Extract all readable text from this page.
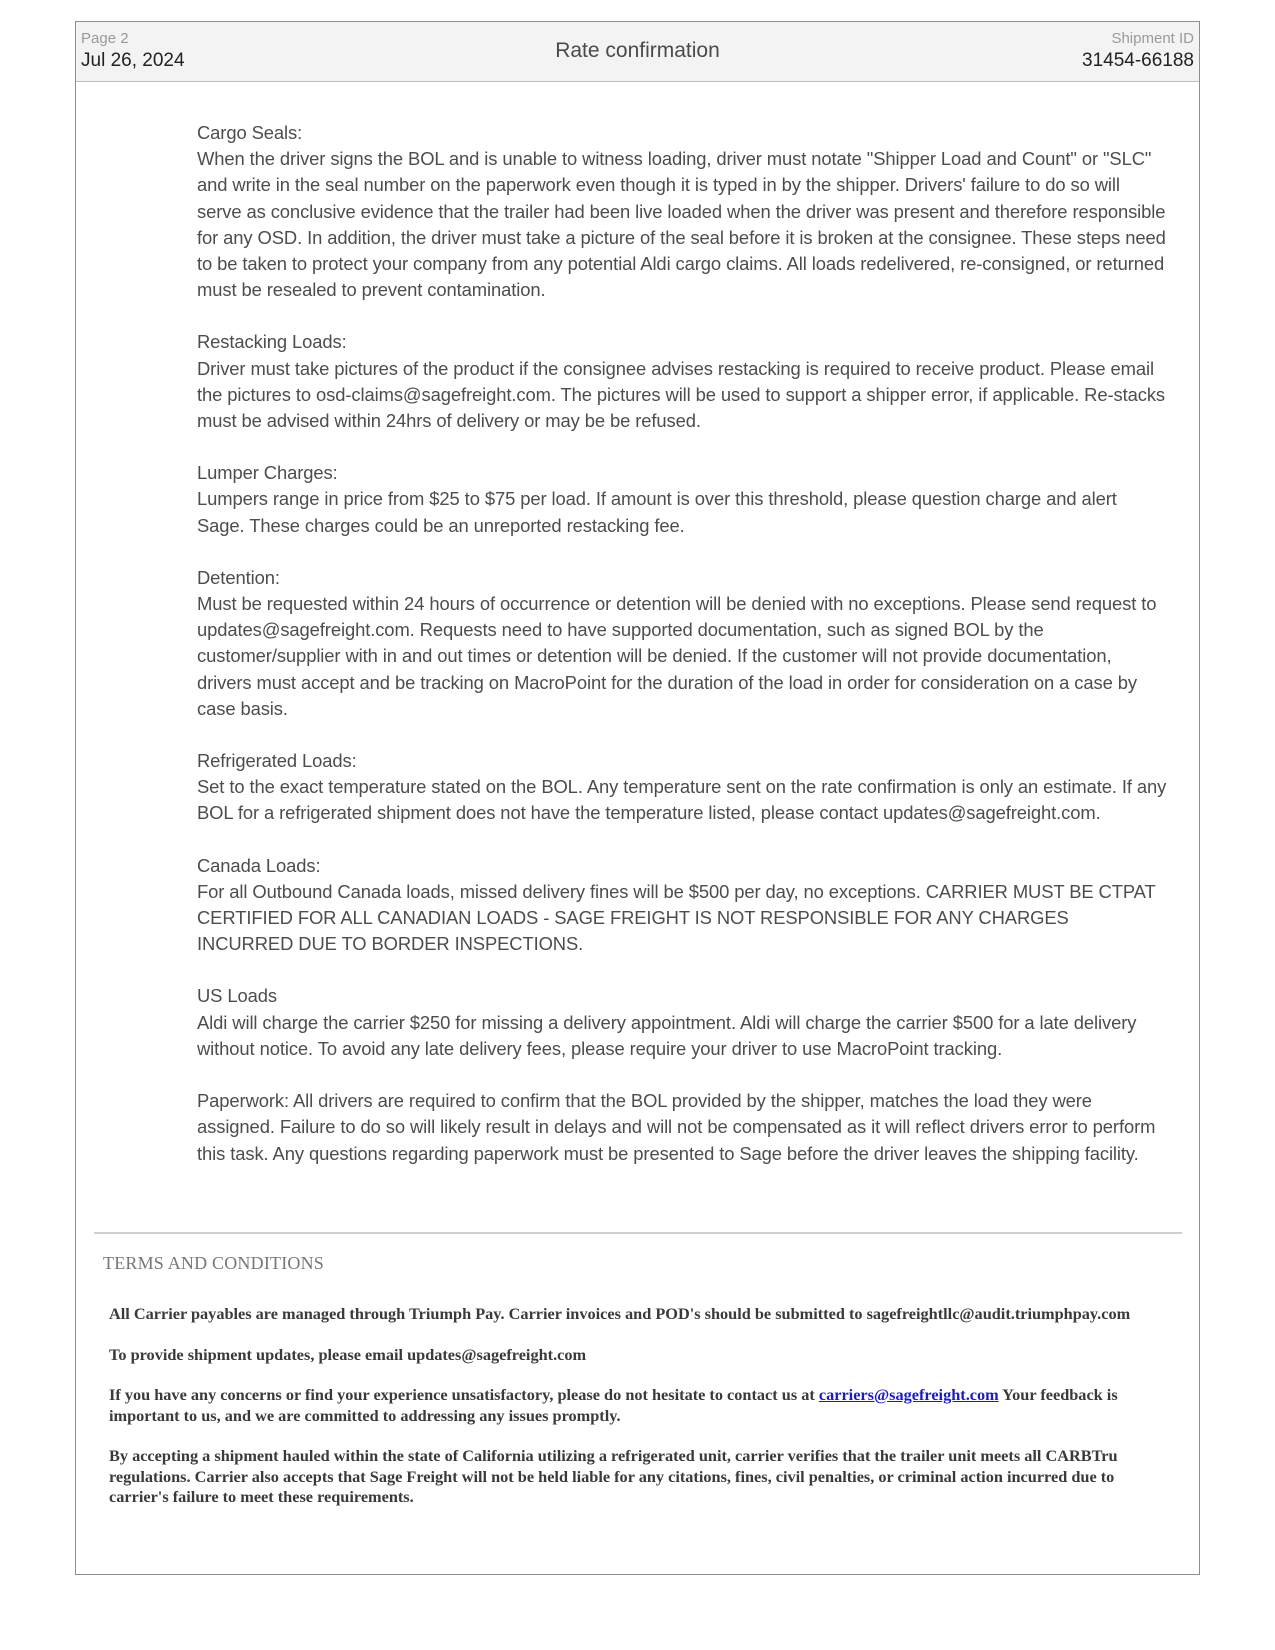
Page 2
Jul 26, 2024	Rate confirmation
Shipment ID
31454-66188

Cargo Seals:

When the driver signs the BOL and is unable to witness loading, driver must notate "Shipper Load and Count" or "SLC" and write in the seal number on the paperwork even though it is typed in by the shipper. Drivers' failure to do so will serve as conclusive evidence that the trailer had been live loaded when the driver was present and therefore responsible for any OSD. In addition, the driver must take a picture of the seal before it is broken at the consignee. These steps need to be taken to protect your company from any potential Aldi cargo claims. All loads redelivered, re-consigned, or returned must be resealed to prevent contamination.

Restacking Loads:

Driver must take pictures of the product if the consignee advises restacking is required to receive product. Please email the pictures to osd-claims@sagefreight.com. The pictures will be used to support a shipper error, if applicable. Re-stacks must be advised within 24hrs of delivery or may be be refused.

Lumper Charges:

Lumpers range in price from $25 to $75 per load. If amount is over this threshold, please question charge and alert Sage. These charges could be an unreported restacking fee.

Detention:

Must be requested within 24 hours of occurrence or detention will be denied with no exceptions. Please send request to updates@sagefreight.com. Requests need to have supported documentation, such as signed BOL by the customer/supplier with in and out times or detention will be denied. If the customer will not provide documentation, drivers must accept and be tracking on MacroPoint for the duration of the load in order for consideration on a case by case basis.

Refrigerated Loads:

Set to the exact temperature stated on the BOL. Any temperature sent on the rate confirmation is only an estimate. If any BOL for a refrigerated shipment does not have the temperature listed, please contact updates@sagefreight.com.

Canada Loads:

For all Outbound Canada loads, missed delivery fines will be $500 per day, no exceptions. CARRIER MUST BE CTPAT CERTIFIED FOR ALL CANADIAN LOADS - SAGE FREIGHT IS NOT RESPONSIBLE FOR ANY CHARGES INCURRED DUE TO BORDER INSPECTIONS.

US Loads

Aldi will charge the carrier $250 for missing a delivery appointment. Aldi will charge the carrier $500 for a late delivery without notice. To avoid any late delivery fees, please require your driver to use MacroPoint tracking.

Paperwork: All drivers are required to confirm that the BOL provided by the shipper, matches the load they were assigned. Failure to do so will likely result in delays and will not be compensated as it will reflect drivers error to perform this task. Any questions regarding paperwork must be presented to Sage before the driver leaves the shipping facility.

TERMS AND CONDITIONS

All Carrier payables are managed through Triumph Pay. Carrier invoices and POD's should be submitted to sagefreightllc@audit.triumphpay.com

To provide shipment updates, please email updates@sagefreight.com

If you have any concerns or find your experience unsatisfactory, please do not hesitate to contact us at carriers@sagefreight.com Your feedback is important to us, and we are committed to addressing any issues promptly.

By accepting a shipment hauled within the state of California utilizing a refrigerated unit, carrier verifies that the trailer unit meets all CARBTru regulations. Carrier also accepts that Sage Freight will not be held liable for any citations, fines, civil penalties, or criminal action incurred due to carrier's failure to meet these requirements.
